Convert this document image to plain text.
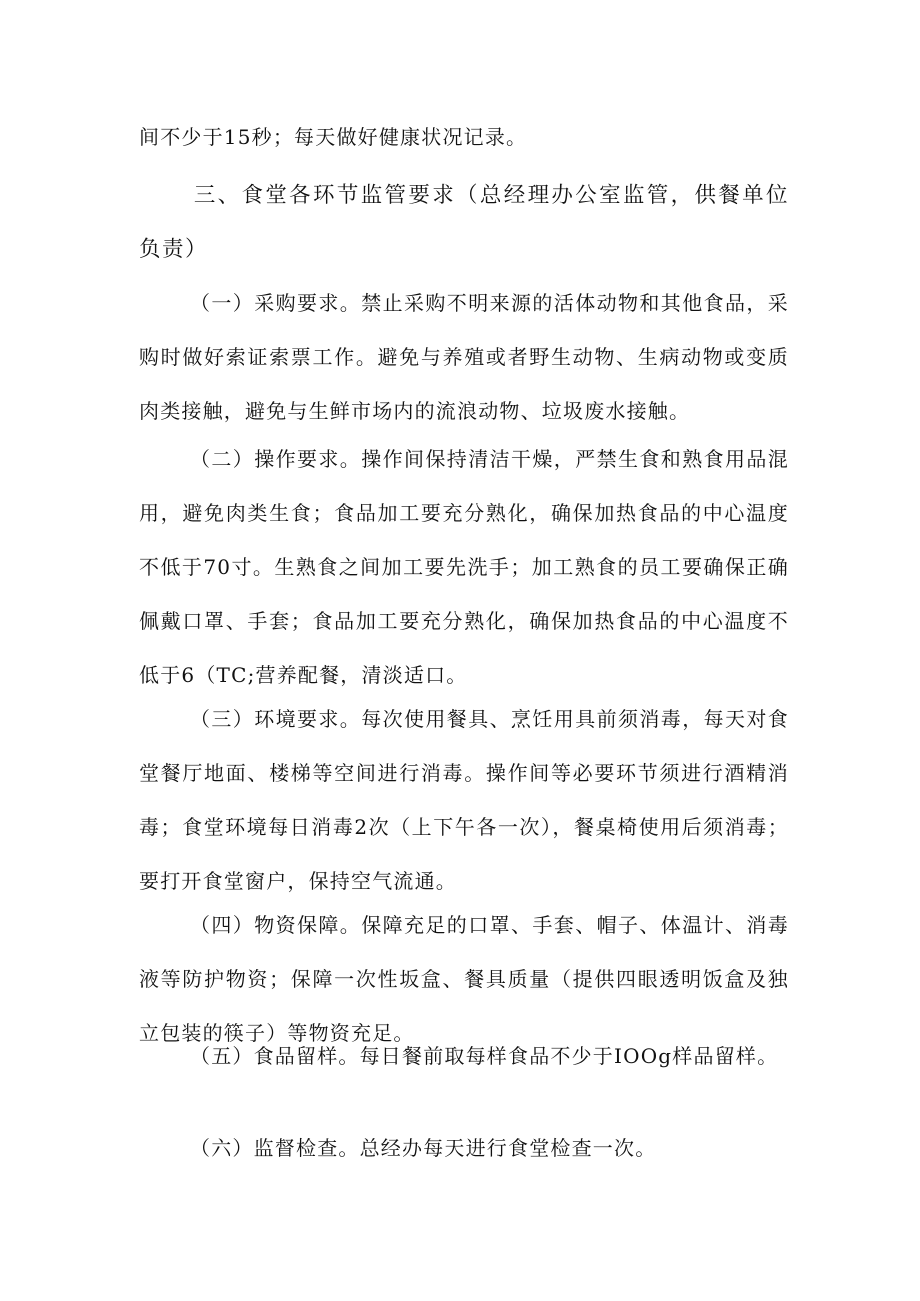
间不少于15秒；每天做好健康状况记录。

三、食堂各环节监管要求（总经理办公室监管，供餐单位负责）

（一）采购要求。禁止采购不明来源的活体动物和其他食品，采购时做好索证索票工作。避免与养殖或者野生动物、生病动物或变质肉类接触，避免与生鲜市场内的流浪动物、垃圾废水接触。

（二）操作要求。操作间保持清洁干燥，严禁生食和熟食用品混用，避免肉类生食；食品加工要充分熟化，确保加热食品的中心温度不低于70寸。生熟食之间加工要先洗手；加工熟食的员工要确保正确佩戴口罩、手套；食品加工要充分熟化，确保加热食品的中心温度不低于6（TC;营养配餐，清淡适口。

（三）环境要求。每次使用餐具、烹饪用具前须消毒，每天对食堂餐厅地面、楼梯等空间进行消毒。操作间等必要环节须进行酒精消毒；食堂环境每日消毒2次（上下午各一次），餐桌椅使用后须消毒；要打开食堂窗户，保持空气流通。

（四）物资保障。保障充足的口罩、手套、帽子、体温计、消毒液等防护物资；保障一次性坂盒、餐具质量（提供四眼透明饭盒及独立包装的筷子）等物资充足。

（五）食品留样。每日餐前取每样食品不少于IOOg样品留样。

（六）监督检查。总经办每天进行食堂检查一次。
